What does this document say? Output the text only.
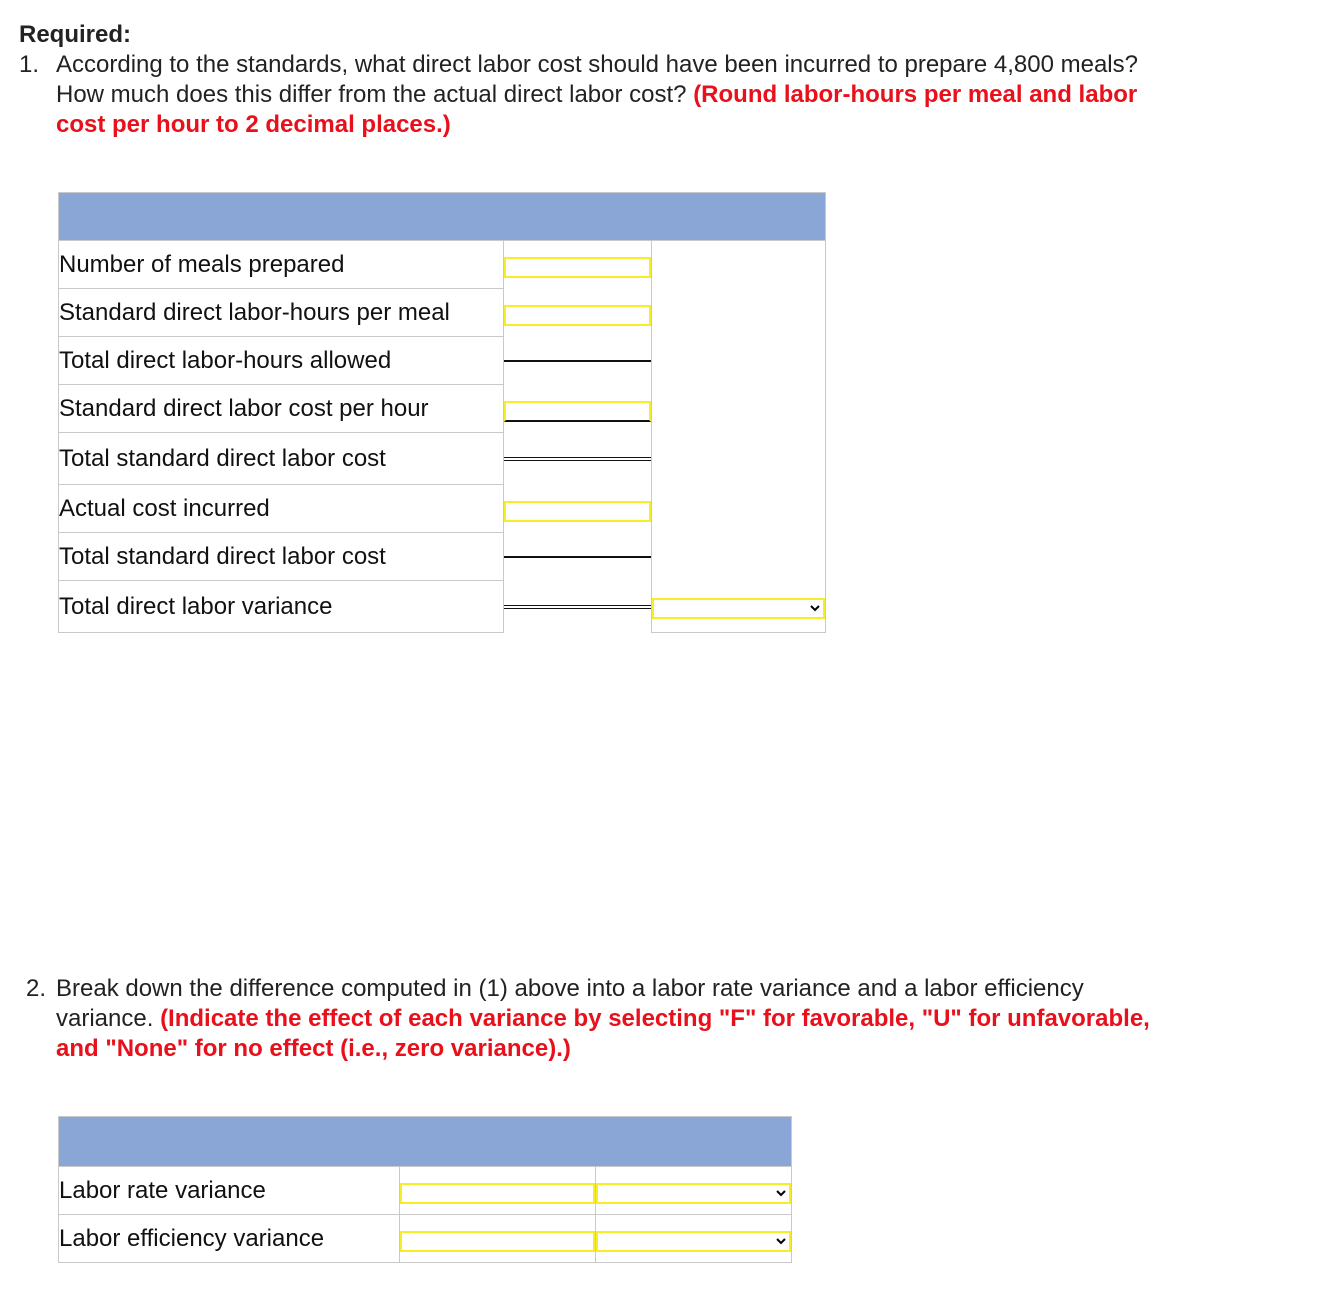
Required:
1. According to the standards, what direct labor cost should have been incurred to prepare 4,800 meals?
How much does this differ from the actual direct labor cost? (Round labor-hours per meal and labor
cost per hour to 2 decimal places.)

Number of meals prepared		
Standard direct labor-hours per meal		
Total direct labor-hours allowed	

Standard direct labor cost per hour		
Total standard direct labor cost	

Actual cost incurred		
Total standard direct labor cost	

Total direct labor variance	

2. Break down the difference computed in (1) above into a labor rate variance and a labor efficiency
variance. (Indicate the effect of each variance by selecting "F" for favorable, "U" for unfavorable,
and "None" for no effect (i.e., zero variance).)

Labor rate variance		

Labor efficiency variance		
